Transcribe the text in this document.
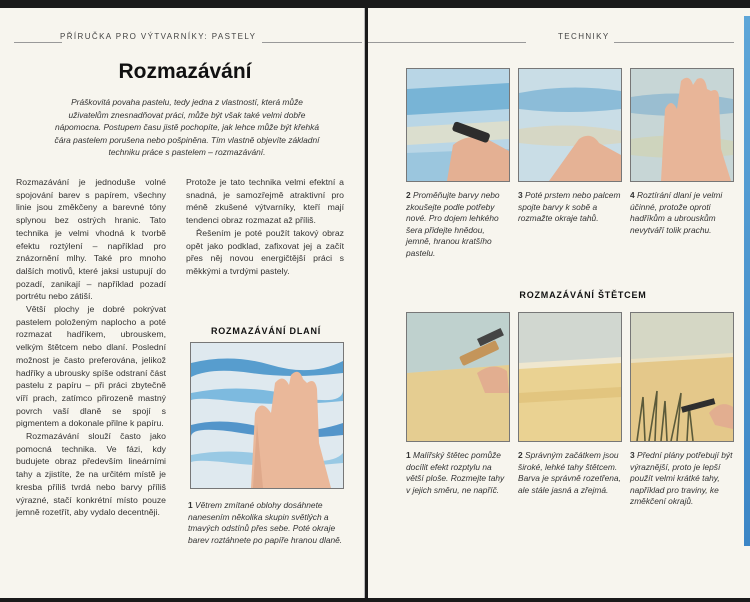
PŘÍRUČKA PRO VÝTVARNÍKY: PASTELY
Rozmazávání
Práškovitá povaha pastelu, tedy jedna z vlastností, která může uživatelům znesnadňovat práci, může být však také velmi dobře nápomocna. Postupem času jistě pochopíte, jak lehce může být křehká čára pastelem porušena nebo pošpiněna. Tím vlastně objevíte základní techniku práce s pastelem – rozmazávání.

Rozmazávání je jednoduše volné spojování barev s papírem, všechny linie jsou změkčeny a barevné tóny splynou bez ostrých hranic. Tato technika je velmi vhodná k tvorbě efektu roztýlení – například pro znázornění mlhy. Také pro mnoho dalších motivů, které jaksi ustupují do pozadí, zanikají – například pozadí portrétu nebo zátiší.

Větší plochy je dobré pokrývat pastelem položeným naplocho a poté rozmazat hadříkem, ubrouskem, velkým štětcem nebo dlaní. Poslední možnost je často preferována, jelikož hadříky a ubrousky spíše odstraní část pastelu z papíru – při práci zbytečně víří prach, zatímco přirozeně mastný povrch vaší dlaně se spojí s pigmentem a dokonale přilne k papíru.

Rozmazávání slouží často jako pomocná technika. Ve fázi, kdy budujete obraz především lineárními tahy a zjistíte, že na určitém místě je kresba příliš tvrdá nebo barvy příliš výrazné, stačí konkrétní místo pouze jemně rozetřít, aby vydalo decentněji.

Protože je tato technika velmi efektní a snadná, je samozřejmě atraktivní pro méně zkušené výtvarníky, kteří mají tendenci obraz rozmazat až příliš.

Řešením je poté použít takový obraz opět jako podklad, zafixovat jej a začít přes něj novou energičtější práci s měkkými a tvrdými pastely.

ROZMAZÁVÁNÍ DLANÍ
1 Větrem zmítané oblohy dosáhnete nanesením několika skupin světlých a tmavých odstínů přes sebe. Poté okraje barev roztáhnete po papíře hranou dlaně.
TECHNIKY
2 Proměňujte barvy nebo zkoušejte podle potřeby nové. Pro dojem lehkého šera přidejte hnědou, jemně, hranou kratšího pastelu.
3 Poté prstem nebo palcem spojte barvy k sobě a rozmažte okraje tahů.
4 Roztírání dlaní je velmi účinné, protože oproti hadříkům a ubrouskům nevytváří tolik prachu.
ROZMAZÁVÁNÍ ŠTĚTCEM
1 Malířský štětec pomůže docílit efekt rozptylu na větší ploše. Rozmejte tahy v jejich směru, ne napříč.
2 Správným začátkem jsou široké, lehké tahy štětcem. Barva je správně rozetřena, ale stále jasná a zřejmá.
3 Přední plány potřebují být výraznější, proto je lepší použít velmi krátké tahy, například pro traviny, ke změkčení okrajů.
